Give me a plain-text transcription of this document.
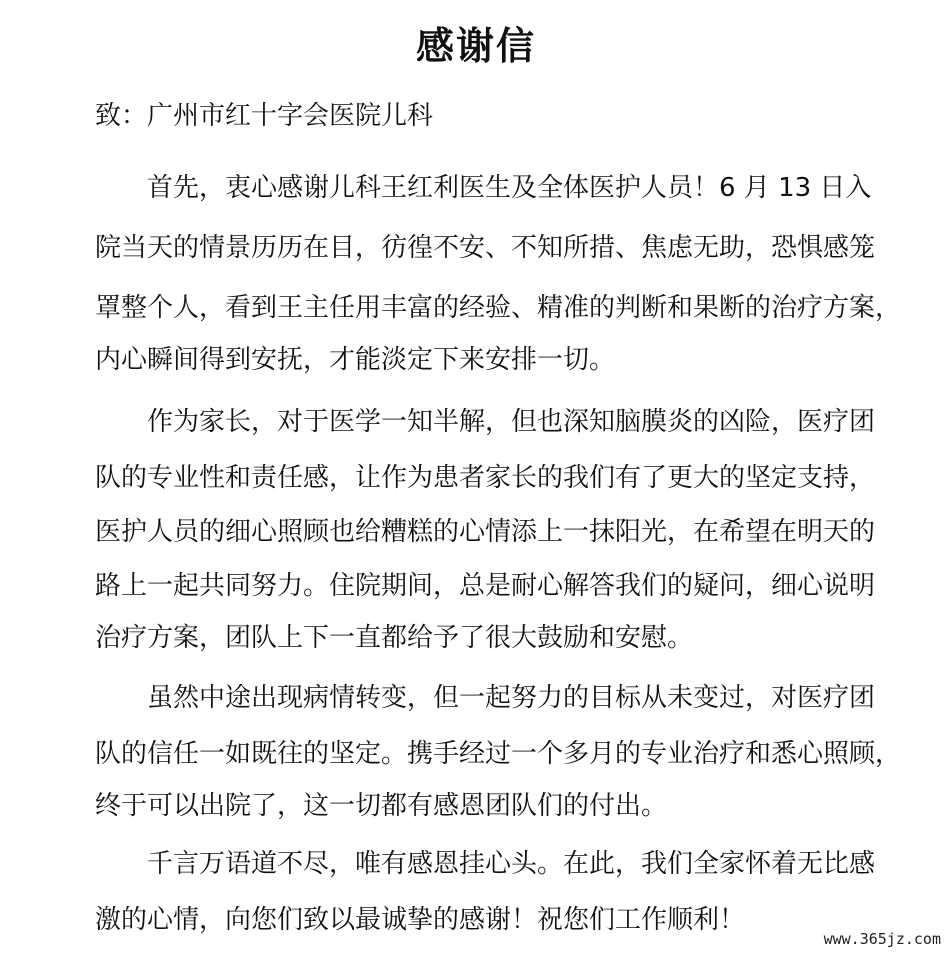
感谢信
致：广州市红十字会医院儿科
首先，衷心感谢儿科王红利医生及全体医护人员！6 月 13 日入
院当天的情景历历在目，彷徨不安、不知所措、焦虑无助，恐惧感笼
罩整个人，看到王主任用丰富的经验、精准的判断和果断的治疗方案，
内心瞬间得到安抚，才能淡定下来安排一切。
作为家长，对于医学一知半解，但也深知脑膜炎的凶险，医疗团
队的专业性和责任感，让作为患者家长的我们有了更大的坚定支持，
医护人员的细心照顾也给糟糕的心情添上一抹阳光，在希望在明天的
路上一起共同努力。住院期间，总是耐心解答我们的疑问，细心说明
治疗方案，团队上下一直都给予了很大鼓励和安慰。
虽然中途出现病情转变，但一起努力的目标从未变过，对医疗团
队的信任一如既往的坚定。携手经过一个多月的专业治疗和悉心照顾，
终于可以出院了，这一切都有感恩团队们的付出。
千言万语道不尽，唯有感恩挂心头。在此，我们全家怀着无比感
激的心情，向您们致以最诚挚的感谢！祝您们工作顺利！
www.365jz.com
